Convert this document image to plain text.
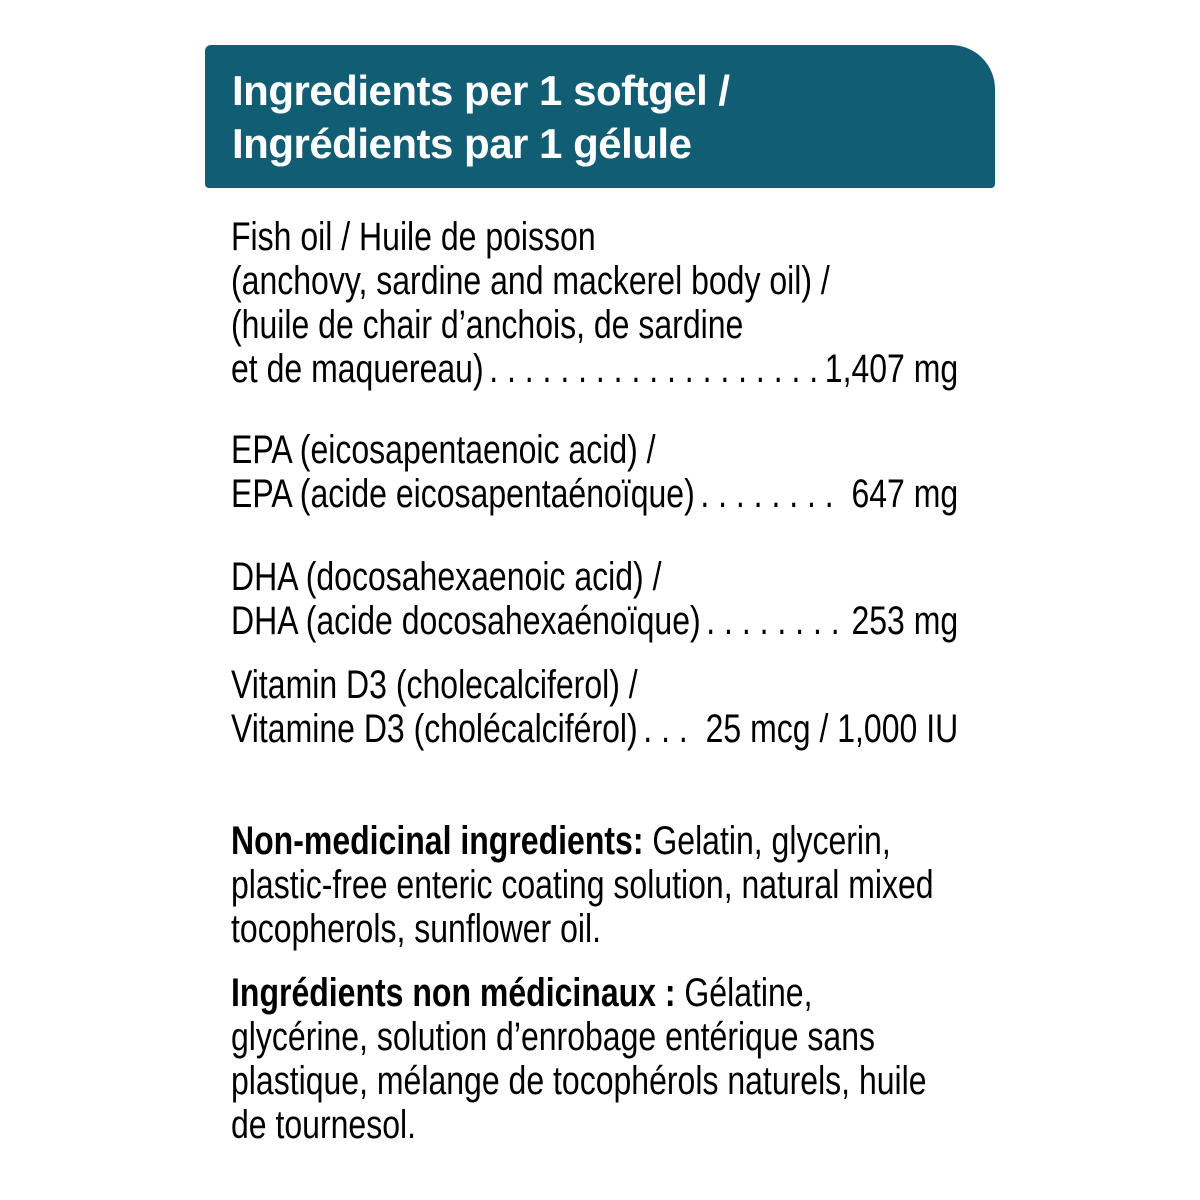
Ingredients per 1 softgel /
Ingrédients par 1 gélule
Fish oil / Huile de poisson
(anchovy, sardine and mackerel body oil) /
(huile de chair d’anchois, de sardine
et de maquereau) . . . . . . . . . . . . . . . . . . . 1,407 mg
EPA (eicosapentaenoic acid) /
EPA (acide eicosapentaénoïque) . . . . . . . . 647 mg
DHA (docosahexaenoic acid) /
DHA (acide docosahexaénoïque) . . . . . . . . 253 mg
Vitamin D3 (cholecalciferol) /
Vitamine D3 (cholécalciférol) . . . 25 mcg / 1,000 IU
Non-medicinal ingredients: Gelatin, glycerin,
plastic-free enteric coating solution, natural mixed
tocopherols, sunflower oil.
Ingrédients non médicinaux : Gélatine,
glycérine, solution d’enrobage entérique sans
plastique, mélange de tocophérols naturels, huile
de tournesol.
